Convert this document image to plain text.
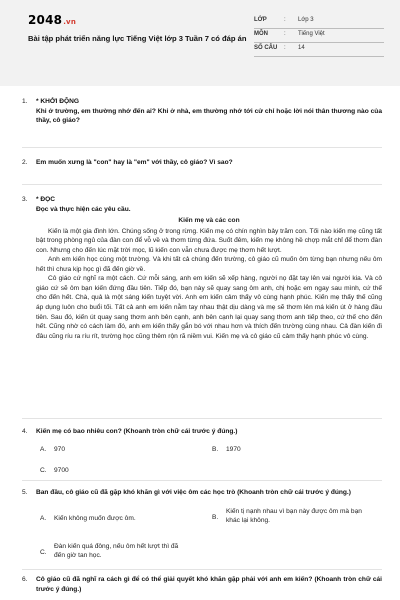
2048.vn
Bài tập phát triển năng lực Tiếng Việt lớp 3 Tuần 7 có đáp án
LỚP	:	Lớp 3
MÔN	:	Tiếng Việt
SỐ CÂU	:	14
1. * KHỞI ĐỘNG
Khi ở trường, em thường nhớ đến ai? Khi ở nhà, em thường nhớ tới cử chỉ hoặc lời nói thân thương nào của thầy, cô giáo?
2. Em muốn xưng là "con" hay là "em" với thầy, cô giáo? Vì sao?
3. * ĐỌC
Đọc và thực hiện các yêu cầu.
Kiến mẹ và các con
Kiến là một gia đình lớn. Chúng sống ở trong rừng. Kiến mẹ có chín nghìn bảy trăm con. Tối nào kiến mẹ cũng tất bật trong phòng ngủ của đàn con để vỗ về và thơm từng đứa. Suốt đêm, kiến mẹ không hề chợp mắt chỉ để thơm đàn con. Nhưng cho đến lúc mặt trời mọc, lũ kiến con vẫn chưa được mẹ thơm hết lượt.
Anh em kiến học cùng một trường. Và khi tất cả chúng đến trường, cô giáo cũ muốn ôm từng bạn nhưng nếu ôm hết thì chưa kịp học gì đã đến giờ về.
Cô giáo cứ nghĩ ra một cách. Cứ mỗi sáng, anh em kiến sẽ xếp hàng, người nọ đặt tay lên vai người kia. Và cô giáo cứ sẽ ôm bạn kiến đứng đầu tiên. Tiếp đó, bạn này sẽ quay sang ôm anh, chị hoặc em ngay sau mình, cứ thế cho đến hết. Chà, quả là một sáng kiến tuyệt vời. Anh em kiến cảm thấy vô cùng hạnh phúc. Kiến mẹ thấy thế cũng áp dụng luôn cho buổi tối. Tất cả anh em kiến nằm tay nhau thật dịu dàng và mẹ sẽ thơm lên má kiến út ở hàng đầu tiên. Sau đó, kiến út quay sang thơm anh bên cạnh, anh bên cạnh lại quay sang thơm anh tiếp theo, cứ thế cho đến hết. Cũng nhờ có cách làm đó, anh em kiến thấy gắn bó với nhau hơn và thích đến trường cùng nhau. Cả đàn kiến đi đâu cũng ríu ra ríu rít, trường học cũng thêm rộn rã niềm vui. Kiến mẹ và cô giáo cũ cảm thấy hạnh phúc vô cùng.
4. Kiến mẹ có bao nhiêu con? (Khoanh tròn chữ cái trước ý đúng.)
A.	970	B.	1970
C.	9700
5. Ban đầu, cô giáo cũ đã gặp khó khăn gì với việc ôm các học trò (Khoanh tròn chữ cái trước ý đúng.)
A.	Kiến không muốn được ôm.	B.
Kiến tị nạnh nhau vì bạn này được ôm mà bạn khác lại không.
C.
Đàn kiến quá đông, nếu ôm hết lượt thì đã đến giờ tan học.
6. Cô giáo cũ đã nghĩ ra cách gì để có thể giải quyết khó khăn gặp phải với anh em kiến? (Khoanh tròn chữ cái trước ý đúng.)
